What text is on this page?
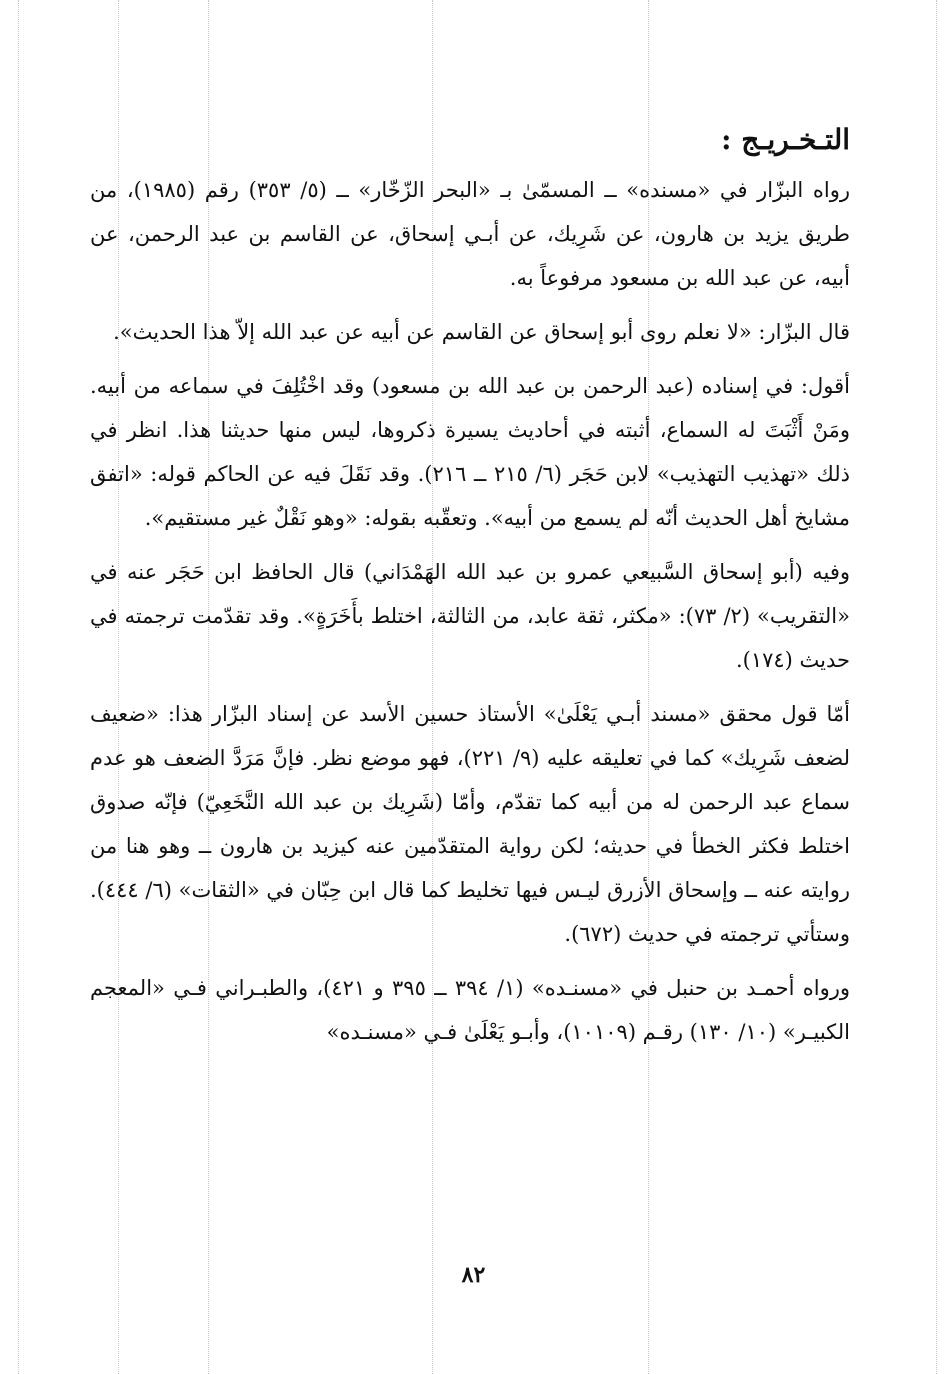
التـخـريـج :

رواه البزّار في «مسنده» ــ المسمّىٰ بـ «البحر الزّخّار» ــ (٥/ ٣٥٣) رقم (١٩٨٥)، من طريق يزيد بن هارون، عن شَرِيك، عن أبـي إسحاق، عن القاسم بن عبد الرحمن، عن أبيه، عن عبد الله بن مسعود مرفوعاً به.

قال البزّار: «لا نعلم روى أبو إسحاق عن القاسم عن أبيه عن عبد الله إلاّ هذا الحديث».

أقول: في إسناده (عبد الرحمن بن عبد الله بن مسعود) وقد اخْتُلِفَ في سماعه من أبيه. ومَنْ أَثْبَتَ له السماع، أثبته في أحاديث يسيرة ذكروها، ليس منها حديثنا هذا. انظر في ذلك «تهذيب التهذيب» لابن حَجَر (٦/ ٢١٥ ــ ٢١٦). وقد نَقَلَ فيه عن الحاكم قوله: «اتفق مشايخ أهل الحديث أنّه لم يسمع من أبيه». وتعقّبه بقوله: «وهو نَقْلٌ غير مستقيم».

وفيه (أبو إسحاق السَّبيعي عمرو بن عبد الله الهَمْدَاني) قال الحافظ ابن حَجَر عنه في «التقريب» (٢/ ٧٣): «مكثر، ثقة عابد، من الثالثة، اختلط بأَخَرَةٍ». وقد تقدّمت ترجمته في حديث (١٧٤).

أمّا قول محقق «مسند أبـي يَعْلَىٰ» الأستاذ حسين الأسد عن إسناد البزّار هذا: «ضعيف لضعف شَرِيك» كما في تعليقه عليه (٩/ ٢٢١)، فهو موضع نظر. فإنَّ مَرَدَّ الضعف هو عدم سماع عبد الرحمن له من أبيه كما تقدّم، وأمّا (شَرِيك بن عبد الله النَّخَعِيّ) فإنّه صدوق اختلط فكثر الخطأ في حديثه؛ لكن رواية المتقدّمين عنه كيزيد بن هارون ــ وهو هنا من روايته عنه ــ وإسحاق الأزرق ليـس فيها تخليط كما قال ابن حِبّان في «الثقات» (٦/ ٤٤٤). وستأتي ترجمته في حديث (٦٧٢).

ورواه أحمـد بن حنبل في «مسنـده» (١/ ٣٩٤ ــ ٣٩٥ و ٤٢١)، والطبـراني فـي «المعجم الكبيـر» (١٠/ ١٣٠) رقـم (١٠١٠٩)، وأبـو يَعْلَىٰ فـي «مسنـده»

٨٢
